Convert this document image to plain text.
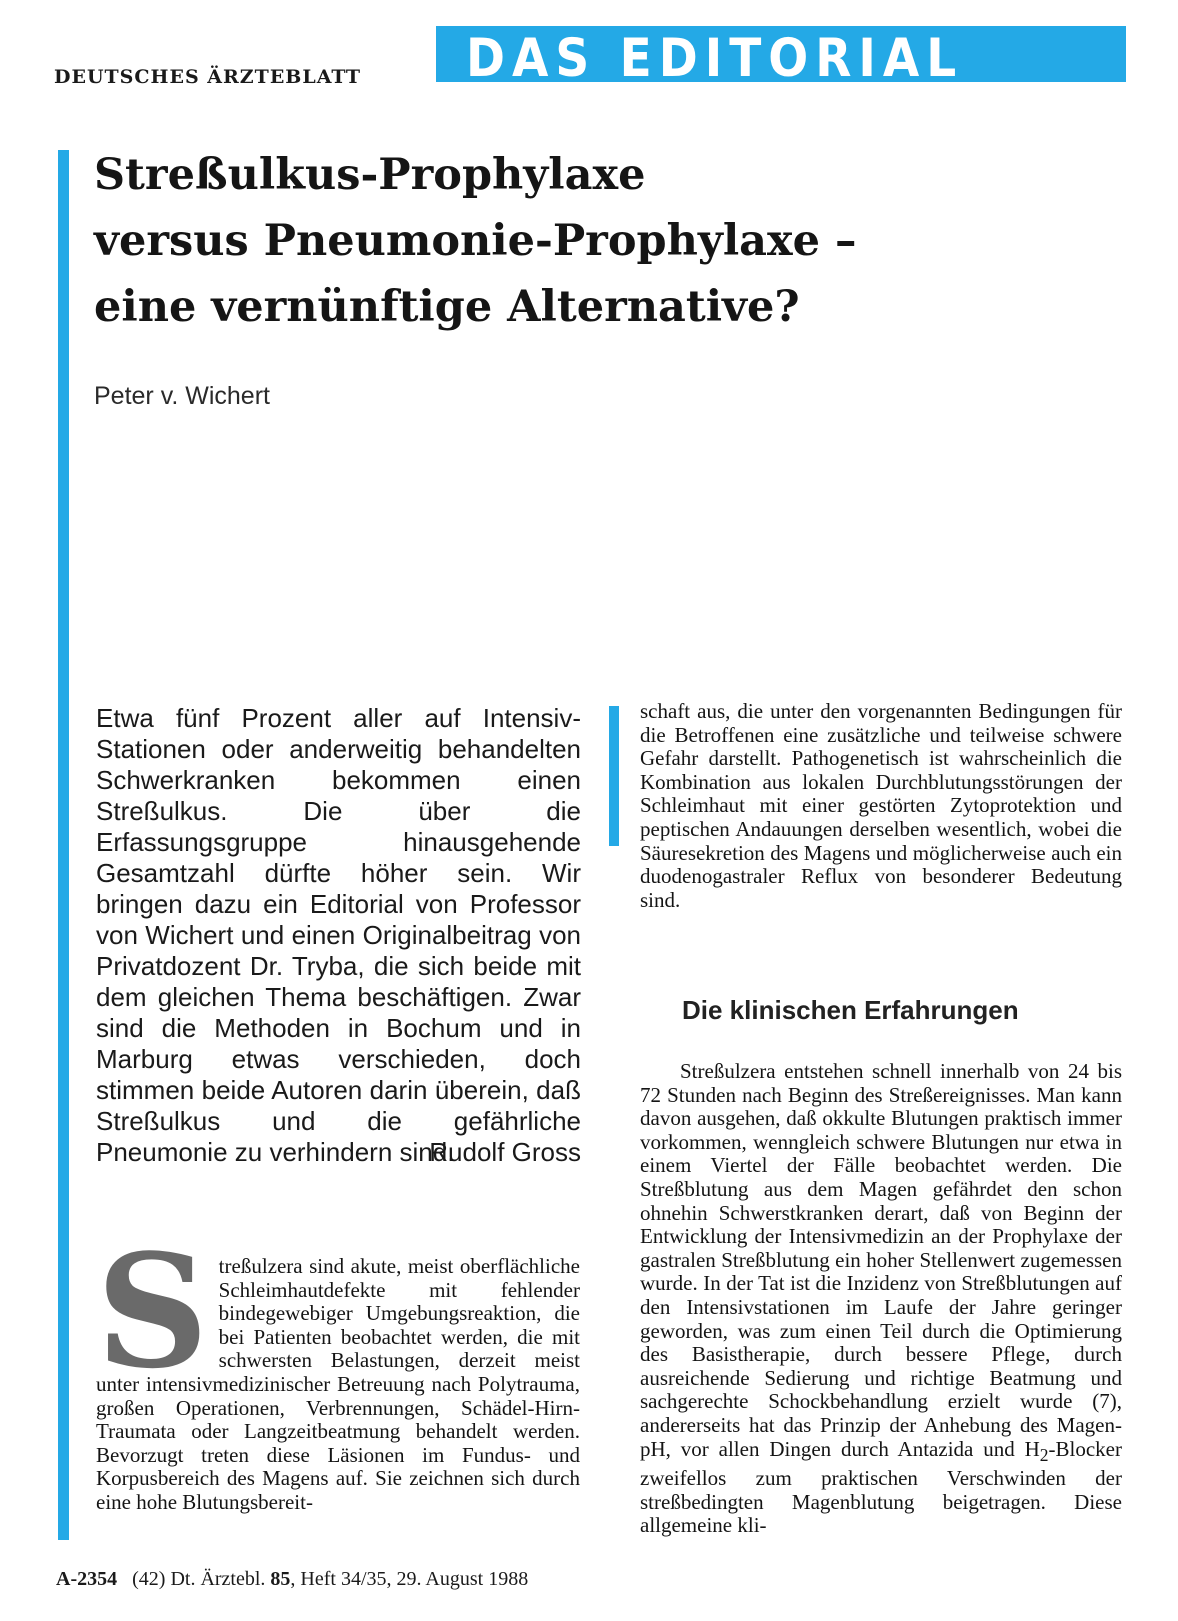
DEUTSCHES ÄRZTEBLATT DAS EDITORIAL
Streßulkus-Prophylaxe
versus Pneumonie-Prophylaxe –
eine vernünftige Alternative?
Peter v. Wichert
Etwa fünf Prozent aller auf Intensiv-Stationen oder anderweitig behandelten Schwerkranken bekommen einen Streßulkus. Die über die Erfassungsgruppe hinausgehende Gesamtzahl dürfte höher sein. Wir bringen dazu ein Editorial von Professor von Wichert und einen Originalbeitrag von Privatdozent Dr. Tryba, die sich beide mit dem gleichen Thema beschäftigen. Zwar sind die Methoden in Bochum und in Marburg etwas verschieden, doch stimmen beide Autoren darin überein, daß Streßulkus und die gefährliche Pneumonie zu verhindern sind.
Rudolf Gross
S treßulzera sind akute, meist oberflächliche Schleimhautdefekte mit fehlender bindegewebiger Umgebungsreaktion, die bei Patienten beobachtet werden, die mit schwersten Belastungen, derzeit meist unter intensivmedizinischer Betreuung nach Polytrauma, großen Operationen, Verbrennungen, Schädel-Hirn-Traumata oder Langzeitbeatmung behandelt werden. Bevorzugt treten diese Läsionen im Fundus- und Korpusbereich des Magens auf. Sie zeichnen sich durch eine hohe Blutungsbereit-
schaft aus, die unter den vorgenannten Bedingungen für die Betroffenen eine zusätzliche und teilweise schwere Gefahr darstellt. Pathogenetisch ist wahrscheinlich die Kombination aus lokalen Durchblutungsstörungen der Schleimhaut mit einer gestörten Zytoprotektion und peptischen Andauungen derselben wesentlich, wobei die Säuresekretion des Magens und möglicherweise auch ein duodenogastraler Reflux von besonderer Bedeutung sind.
Die klinischen Erfahrungen
Streßulzera entstehen schnell innerhalb von 24 bis 72 Stunden nach Beginn des Streßereignisses. Man kann davon ausgehen, daß okkulte Blutungen praktisch immer vorkommen, wenngleich schwere Blutungen nur etwa in einem Viertel der Fälle beobachtet werden. Die Streßblutung aus dem Magen gefährdet den schon ohnehin Schwerstkranken derart, daß von Beginn der Entwicklung der Intensivmedizin an der Prophylaxe der gastralen Streßblutung ein hoher Stellenwert zugemessen wurde. In der Tat ist die Inzidenz von Streßblutungen auf den Intensivstationen im Laufe der Jahre geringer geworden, was zum einen Teil durch die Optimierung des Basistherapie, durch bessere Pflege, durch ausreichende Sedierung und richtige Beatmung und sachgerechte Schockbehandlung erzielt wurde (7), andererseits hat das Prinzip der Anhebung des Magen-pH, vor allen Dingen durch Antazida und $H_2$-Blocker zweifellos zum praktischen Verschwinden der streßbedingten Magenblutung beigetragen. Diese allgemeine kli-
A-2354 (42) Dt. Ärztebl. 85, Heft 34/35, 29. August 1988
